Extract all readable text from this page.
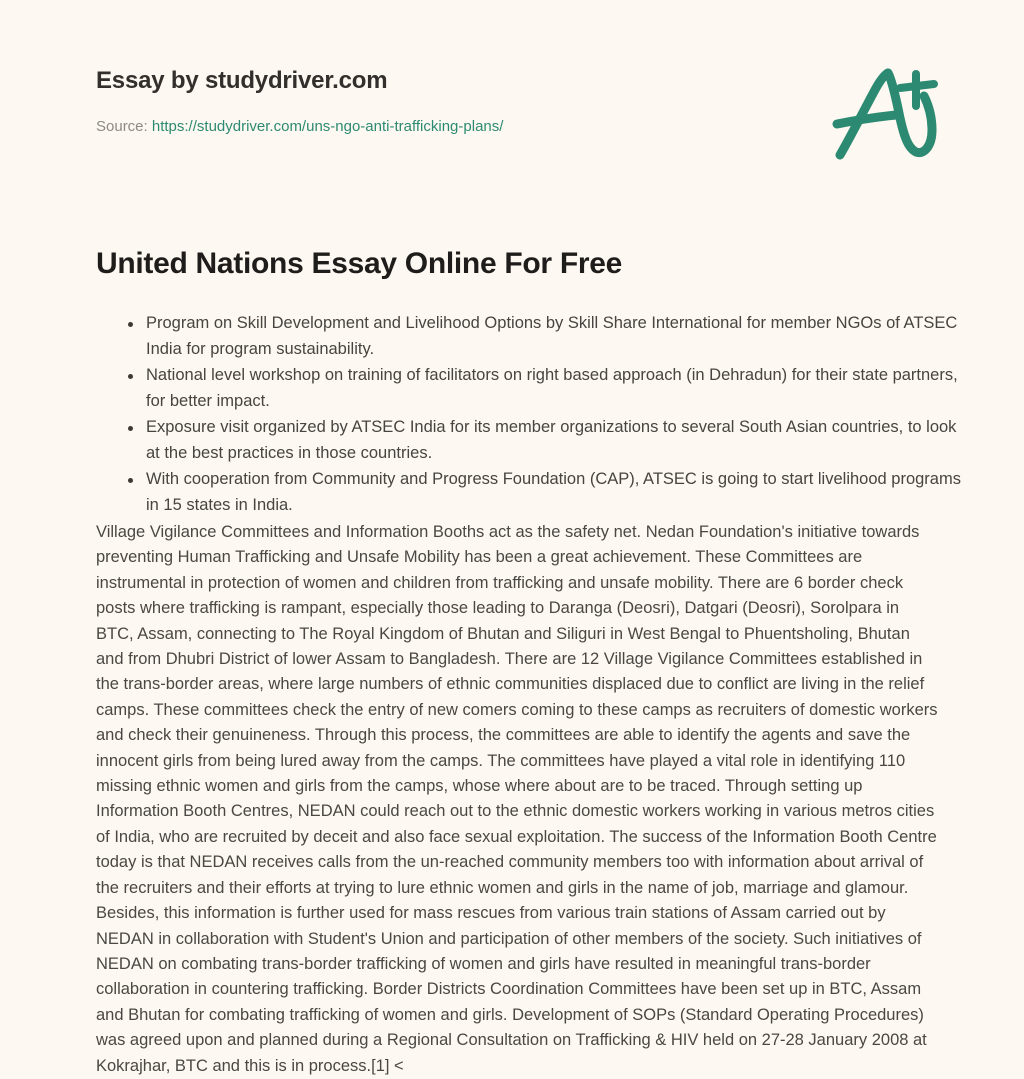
Essay by studydriver.com
Source: https://studydriver.com/uns-ngo-anti-trafficking-plans/
United Nations Essay Online For Free
Program on Skill Development and Livelihood Options by Skill Share International for member NGOs of ATSEC India for program sustainability.
National level workshop on training of facilitators on right based approach (in Dehradun) for their state partners, for better impact.
Exposure visit organized by ATSEC India for its member organizations to several South Asian countries, to look at the best practices in those countries.
With cooperation from Community and Progress Foundation (CAP), ATSEC is going to start livelihood programs in 15 states in India.

Village Vigilance Committees and Information Booths act as the safety net. Nedan Foundation's initiative towards preventing Human Trafficking and Unsafe Mobility has been a great achievement. These Committees are instrumental in protection of women and children from trafficking and unsafe mobility. There are 6 border check posts where trafficking is rampant, especially those leading to Daranga (Deosri), Datgari (Deosri), Sorolpara in BTC, Assam, connecting to The Royal Kingdom of Bhutan and Siliguri in West Bengal to Phuentsholing, Bhutan and from Dhubri District of lower Assam to Bangladesh. There are 12 Village Vigilance Committees established in the trans-border areas, where large numbers of ethnic communities displaced due to conflict are living in the relief camps. These committees check the entry of new comers coming to these camps as recruiters of domestic workers and check their genuineness. Through this process, the committees are able to identify the agents and save the innocent girls from being lured away from the camps. The committees have played a vital role in identifying 110 missing ethnic women and girls from the camps, whose where about are to be traced. Through setting up Information Booth Centres, NEDAN could reach out to the ethnic domestic workers working in various metros cities of India, who are recruited by deceit and also face sexual exploitation. The success of the Information Booth Centre today is that NEDAN receives calls from the un-reached community members too with information about arrival of the recruiters and their efforts at trying to lure ethnic women and girls in the name of job, marriage and glamour. Besides, this information is further used for mass rescues from various train stations of Assam carried out by NEDAN in collaboration with Student's Union and participation of other members of the society. Such initiatives of NEDAN on combating trans-border trafficking of women and girls have resulted in meaningful trans-border collaboration in countering trafficking. Border Districts Coordination Committees have been set up in BTC, Assam and Bhutan for combating trafficking of women and girls. Development of SOPs (Standard Operating Procedures) was agreed upon and planned during a Regional Consultation on Trafficking & HIV held on 27-28 January 2008 at Kokrajhar, BTC and this is in process.[1] <
